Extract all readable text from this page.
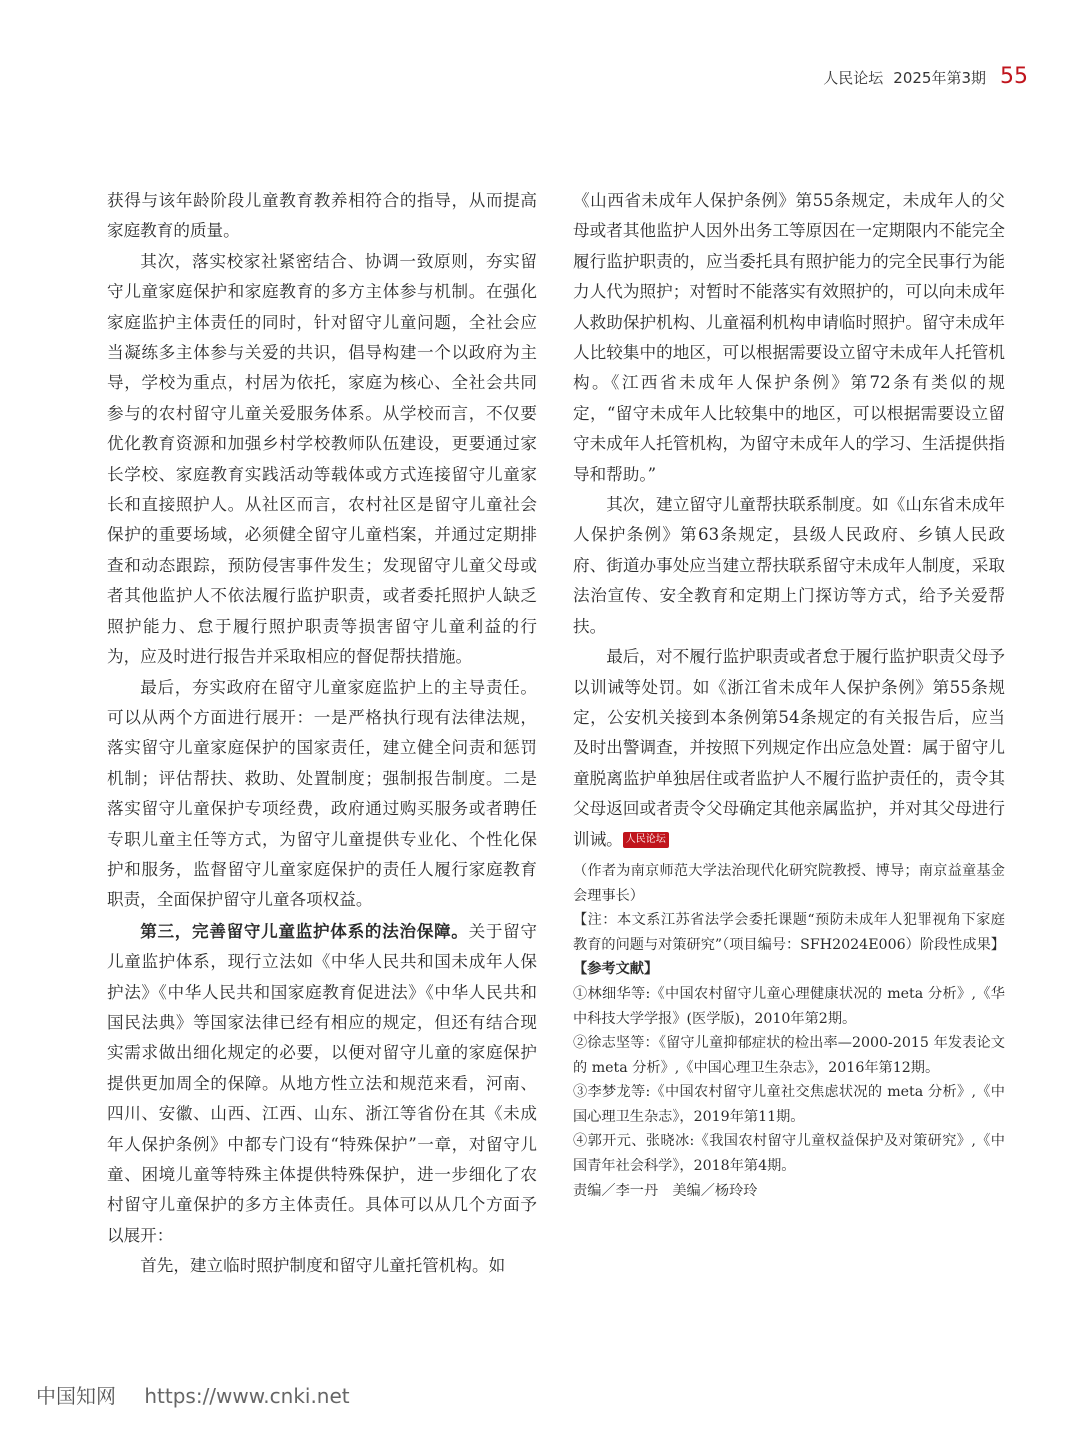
人民论坛 2025年第3期 55

获得与该年龄阶段儿童教育教养相符合的指导，从而提高家庭教育的质量。

其次，落实校家社紧密结合、协调一致原则，夯实留守儿童家庭保护和家庭教育的多方主体参与机制。在强化家庭监护主体责任的同时，针对留守儿童问题，全社会应当凝练多主体参与关爱的共识，倡导构建一个以政府为主导，学校为重点，村居为依托，家庭为核心、全社会共同参与的农村留守儿童关爱服务体系。从学校而言，不仅要优化教育资源和加强乡村学校教师队伍建设，更要通过家长学校、家庭教育实践活动等载体或方式连接留守儿童家长和直接照护人。从社区而言，农村社区是留守儿童社会保护的重要场域，必须健全留守儿童档案，并通过定期排查和动态跟踪，预防侵害事件发生；发现留守儿童父母或者其他监护人不依法履行监护职责，或者委托照护人缺乏照护能力、怠于履行照护职责等损害留守儿童利益的行为，应及时进行报告并采取相应的督促帮扶措施。

最后，夯实政府在留守儿童家庭监护上的主导责任。可以从两个方面进行展开：一是严格执行现有法律法规，落实留守儿童家庭保护的国家责任，建立健全问责和惩罚机制；评估帮扶、救助、处置制度；强制报告制度。二是落实留守儿童保护专项经费，政府通过购买服务或者聘任专职儿童主任等方式，为留守儿童提供专业化、个性化保护和服务，监督留守儿童家庭保护的责任人履行家庭教育职责，全面保护留守儿童各项权益。

第三，完善留守儿童监护体系的法治保障。关于留守儿童监护体系，现行立法如《中华人民共和国未成年人保护法》《中华人民共和国家庭教育促进法》《中华人民共和国民法典》等国家法律已经有相应的规定，但还有结合现实需求做出细化规定的必要，以便对留守儿童的家庭保护提供更加周全的保障。从地方性立法和规范来看，河南、四川、安徽、山西、江西、山东、浙江等省份在其《未成年人保护条例》中都专门设有“特殊保护”一章，对留守儿童、困境儿童等特殊主体提供特殊保护，进一步细化了农村留守儿童保护的多方主体责任。具体可以从几个方面予以展开：

首先，建立临时照护制度和留守儿童托管机构。如

《山西省未成年人保护条例》第55条规定，未成年人的父母或者其他监护人因外出务工等原因在一定期限内不能完全履行监护职责的，应当委托具有照护能力的完全民事行为能力人代为照护；对暂时不能落实有效照护的，可以向未成年人救助保护机构、儿童福利机构申请临时照护。留守未成年人比较集中的地区，可以根据需要设立留守未成年人托管机构。《江西省未成年人保护条例》第72条有类似的规定，“留守未成年人比较集中的地区，可以根据需要设立留守未成年人托管机构，为留守未成年人的学习、生活提供指导和帮助。”

其次，建立留守儿童帮扶联系制度。如《山东省未成年人保护条例》第63条规定，县级人民政府、乡镇人民政府、街道办事处应当建立帮扶联系留守未成年人制度，采取法治宣传、安全教育和定期上门探访等方式，给予关爱帮扶。

最后，对不履行监护职责或者怠于履行监护职责父母予以训诫等处罚。如《浙江省未成年人保护条例》第55条规定，公安机关接到本条例第54条规定的有关报告后，应当及时出警调查，并按照下列规定作出应急处置：属于留守儿童脱离监护单独居住或者监护人不履行监护责任的，责令其父母返回或者责令父母确定其他亲属监护，并对其父母进行训诫。 人民论坛

（作者为南京师范大学法治现代化研究院教授、博导；南京益童基金会理事长）

【注：本文系江苏省法学会委托课题“预防未成年人犯罪视角下家庭教育的问题与对策研究”（项目编号：SFH2024E006）阶段性成果】

【参考文献】

①林细华等:《中国农村留守儿童心理健康状况的 meta 分析》,《华中科技大学学报》(医学版)，2010年第2期。

②徐志坚等：《留守儿童抑郁症状的检出率—2000-2015 年发表论文的 meta 分析》,《中国心理卫生杂志》，2016年第12期。

③李梦龙等:《中国农村留守儿童社交焦虑状况的 meta 分析》,《中国心理卫生杂志》，2019年第11期。

④郭开元、张晓冰:《我国农村留守儿童权益保护及对策研究》,《中国青年社会科学》，2018年第4期。

责编／李一丹　美编／杨玲玲

中国知网 https://www.cnki.net
